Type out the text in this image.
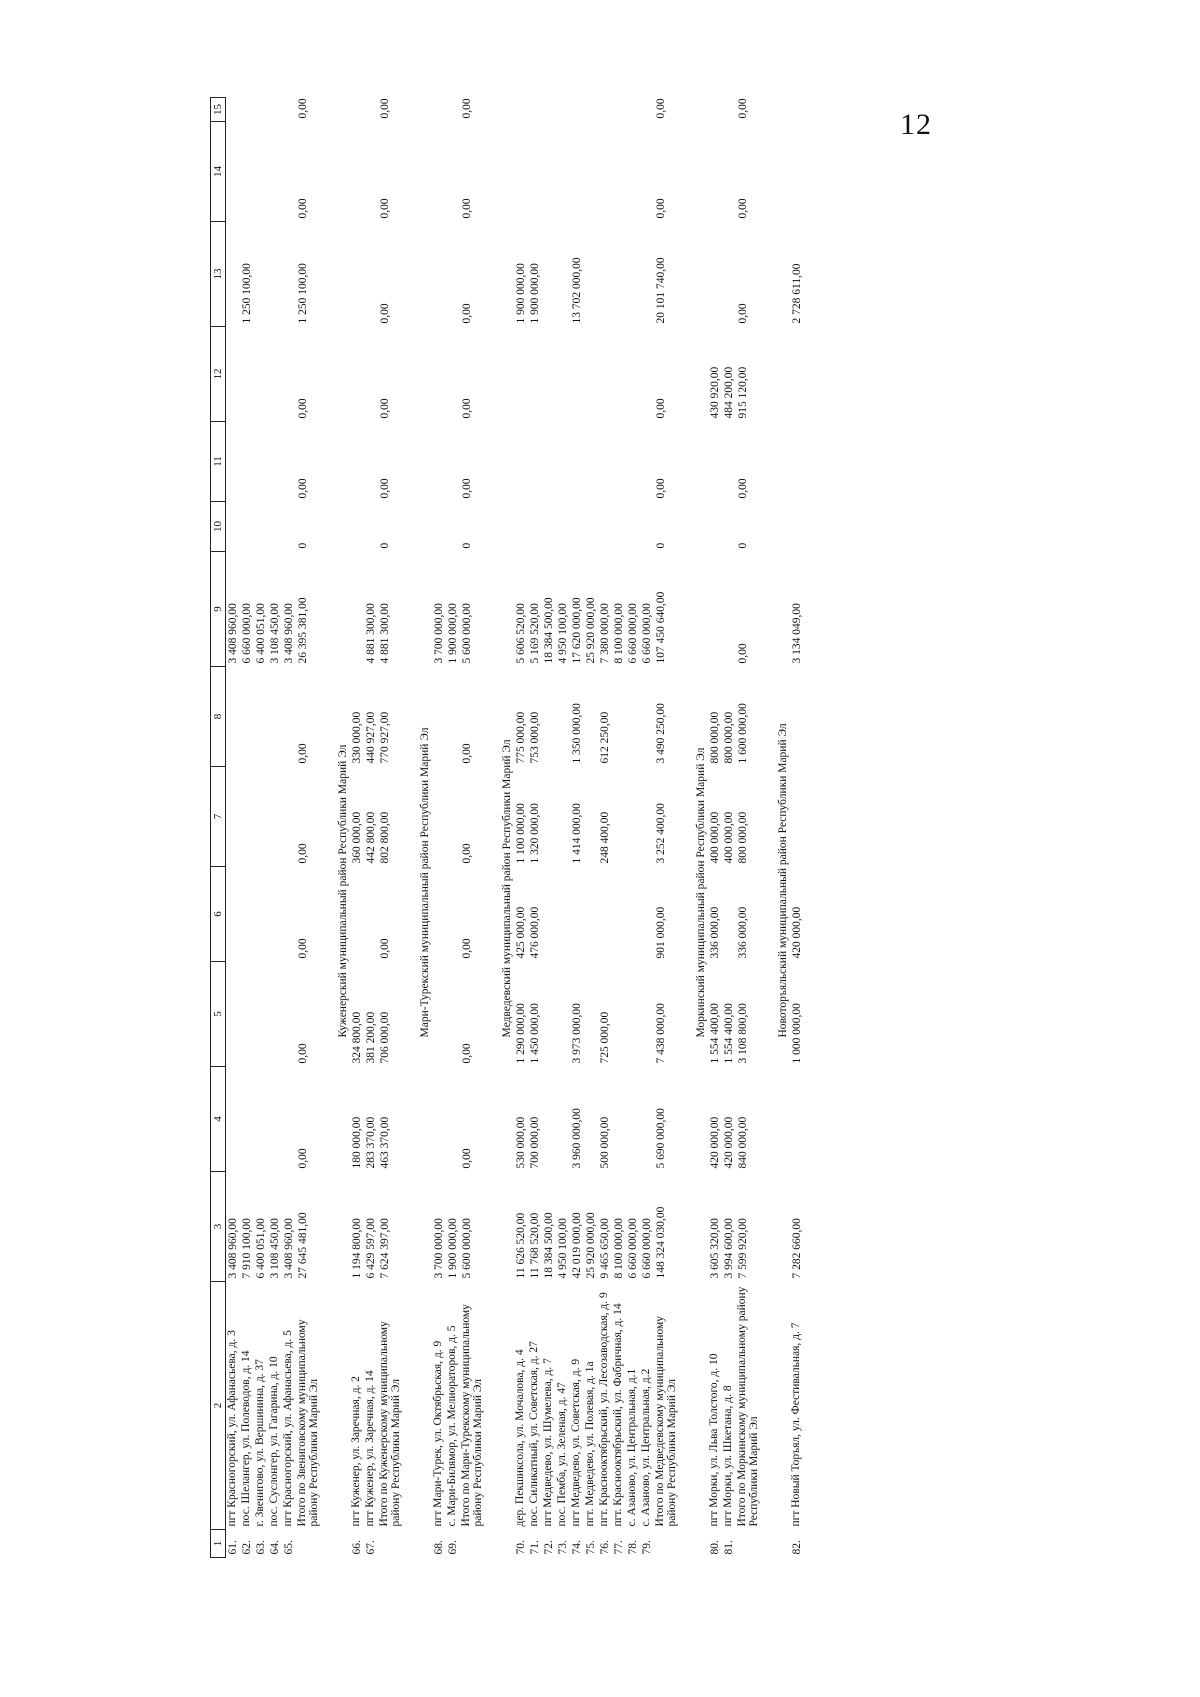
12
1	2	3	4	5	6	7	8	9	10	11	12	13	14	15
61.	пгт Красногорский, ул. Афанасьева, д. 3	3 408 960,00						3 408 960,00						
62.	пос. Шелангер, ул. Полеводов, д. 14	7 910 100,00						6 660 000,00				1 250 100,00		
63.	г. Звенигово, ул. Вершинина, д. 37	6 400 051,00						6 400 051,00						
64.	пос. Суслонгер, ул. Гагарина, д. 10	3 108 450,00						3 108 450,00						
65.	пгт Красногорский, ул. Афанасьева, д. 5	3 408 960,00						3 408 960,00						
	Итого по Звениговскому муниципальному району Республики Марий Эл	27 645 481,00	0,00	0,00	0,00	0,00	0,00	26 395 381,00	0	0,00	0,00	1 250 100,00	0,00	0,00

Куженерский муниципальный район Республики Марий Эл														
66.	пгт Куженер, ул. Заречная, д. 2	1 194 800,00	180 000,00	324 800,00		360 000,00	330 000,00							
67.	пгт Куженер, ул. Заречная, д. 14	6 429 597,00	283 370,00	381 200,00		442 800,00	440 927,00	4 881 300,00						
	Итого по Куженерскому муниципальному району Республики Марий Эл	7 624 397,00	463 370,00	706 000,00	0,00	802 800,00	770 927,00	4 881 300,00	0	0,00	0,00	0,00	0,00	0,00

Мари-Турекский муниципальный район Республики Марий Эл														
68.	пгт Мари-Турек, ул. Октябрьская, д. 9	3 700 000,00						3 700 000,00						
69.	с. Мари-Билямор, ул. Мелиораторов, д. 5	1 900 000,00						1 900 000,00						
	Итого по Мари-Турекскому муниципальному району Республики Марий Эл	5 600 000,00	0,00	0,00	0,00	0,00	0,00	5 600 000,00	0	0,00	0,00	0,00	0,00	0,00

Медведевский муниципальный район Республики Марий Эл														
70.	дер. Пекшиксола, ул. Мочалова, д. 4	11 626 520,00	530 000,00	1 290 000,00	425 000,00	1 100 000,00	775 000,00	5 606 520,00				1 900 000,00		
71.	пос. Силикатный, ул. Советская, д. 27	11 768 520,00	700 000,00	1 450 000,00	476 000,00	1 320 000,00	753 000,00	5 169 520,00				1 900 000,00		
72.	пгт Медведево, ул. Шумелева, д. 7	18 384 500,00						18 384 500,00						
73.	пос. Пемба, ул. Зеленая, д. 47	4 950 100,00						4 950 100,00						
74.	пгт Медведево, ул. Советская, д. 9	42 019 000,00	3 960 000,00	3 973 000,00		1 414 000,00	1 350 000,00	17 620 000,00				13 702 000,00		
75.	пгт. Медведево, ул. Полевая, д. 1а	25 920 000,00						25 920 000,00						
76.	пгт. Краснооктябрьский, ул. Лесозаводская, д. 9	9 465 650,00	500 000,00	725 000,00		248 400,00	612 250,00	7 380 000,00						
77.	пгт. Краснооктябрьский, ул. Фабричная, д. 14	8 100 000,00						8 100 000,00						
78.	с. Азаново, ул. Центральная, д.1	6 660 000,00						6 660 000,00						
79.	с. Азаново, ул. Центральная, д.2	6 660 000,00						6 660 000,00						
	Итого по Медведевскому муниципальному району Республики Марий Эл	148 324 030,00	5 690 000,00	7 438 000,00	901 000,00	3 252 400,00	3 490 250,00	107 450 640,00	0	0,00	0,00	20 101 740,00	0,00	0,00

Моркинский муниципальный район Республики Марий Эл														
80.	пгт Морки, ул. Льва Толстого, д. 10	3 605 320,00	420 000,00	1 554 400,00	336 000,00	400 000,00	800 000,00				430 920,00			
81.	пгт Морки, ул. Шкетана, д. 8	3 994 600,00	420 000,00	1 554 400,00		400 000,00	800 000,00				484 200,00			
	Итого по Моркинскому муниципальному району Республики Марий Эл	7 599 920,00	840 000,00	3 108 800,00	336 000,00	800 000,00	1 600 000,00	0,00	0	0,00	915 120,00	0,00	0,00	0,00

Новоторъяльский муниципальный район Республики Марий Эл														
82.	пгт Новый Торъял, ул. Фестивальная, д. 7	7 282 660,00		1 000 000,00	420 000,00			3 134 049,00				2 728 611,00		
